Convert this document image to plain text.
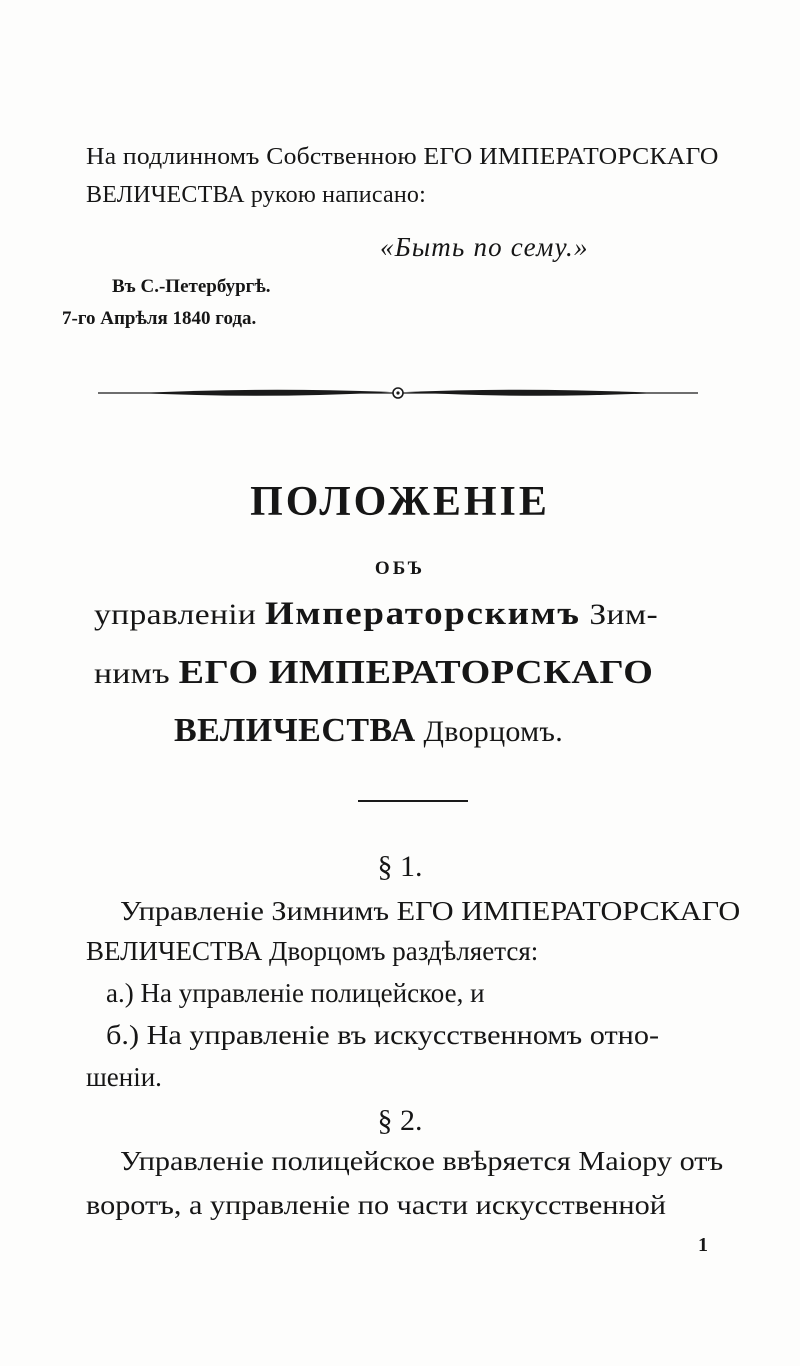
На подлинномъ Собственною ЕГО ИМПЕРАТОРСКАГО
ВЕЛИЧЕСТВА рукою написано:
«Быть по сему.»
Въ С.-Петербургѣ.
7-го Апрѣля 1840 года.
ПОЛОЖЕНІЕ
ОБЪ
управленіи Императорскимъ Зим-
нимъ ЕГО ИМПЕРАТОРСКАГО
ВЕЛИЧЕСТВА Дворцомъ.
§ 1.
Управленіе Зимнимъ ЕГО ИМПЕРАТОРСКАГО
ВЕЛИЧЕСТВА Дворцомъ раздѣляется:
а.) На управленіе полицейское, и
б.) На управленіе въ искусственномъ отно-
шеніи.
§ 2.
Управленіе полицейское ввѣряется Маіору отъ
воротъ, а управленіе по части искусственной
1
